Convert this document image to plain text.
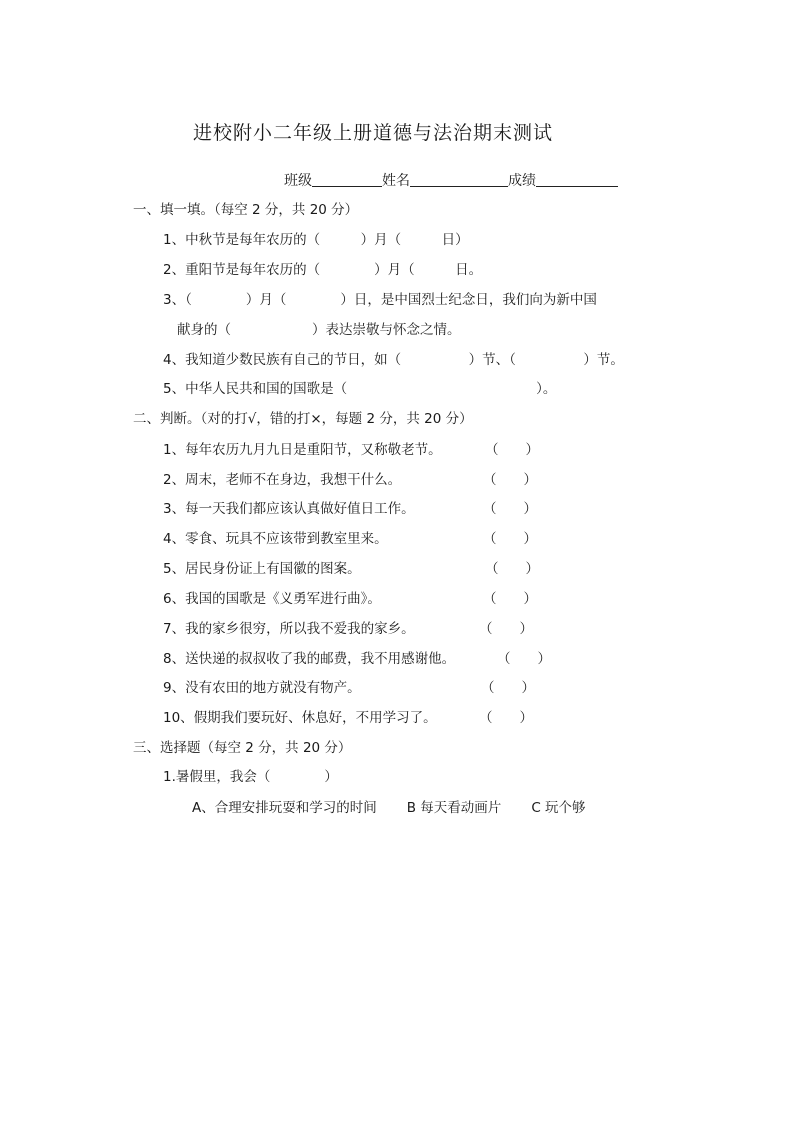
进校附小二年级上册道德与法治期末测试
班级	姓名	成绩
一、填一填。（每空 2 分，共 20 分）
1、中秋节是每年农历的（　　　）月（　　　日）
2、重阳节是每年农历的（　　　　）月（　　　日。
3、（　　　　）月（　　　　）日，是中国烈士纪念日，我们向为新中国
献身的（　　　　　　）表达崇敬与怀念之情。
4、我知道少数民族有自己的节日，如（　　　　　）节、（　　　　　）节。
5、中华人民共和国的国歌是（　　　　　　　　　　　　　　）。
二、判断。（对的打√，错的打×，每题 2 分，共 20 分）
1、每年农历九月九日是重阳节，又称敬老节。	（　　）
2、周末，老师不在身边，我想干什么。	（　　）
3、每一天我们都应该认真做好值日工作。	（　　）
4、零食、玩具不应该带到教室里来。	（　　）
5、居民身份证上有国徽的图案。	（　　）
6、我国的国歌是《义勇军进行曲》。	（　　）
7、我的家乡很穷，所以我不爱我的家乡。	（　　）
8、送快递的叔叔收了我的邮费，我不用感谢他。	（　　）
9、没有农田的地方就没有物产。	（　　）
10、假期我们要玩好、休息好，不用学习了。	（　　）
三、选择题（每空 2 分，共 20 分）
1.暑假里，我会（　　　　）
A、合理安排玩耍和学习的时间 B 每天看动画片 C 玩个够
